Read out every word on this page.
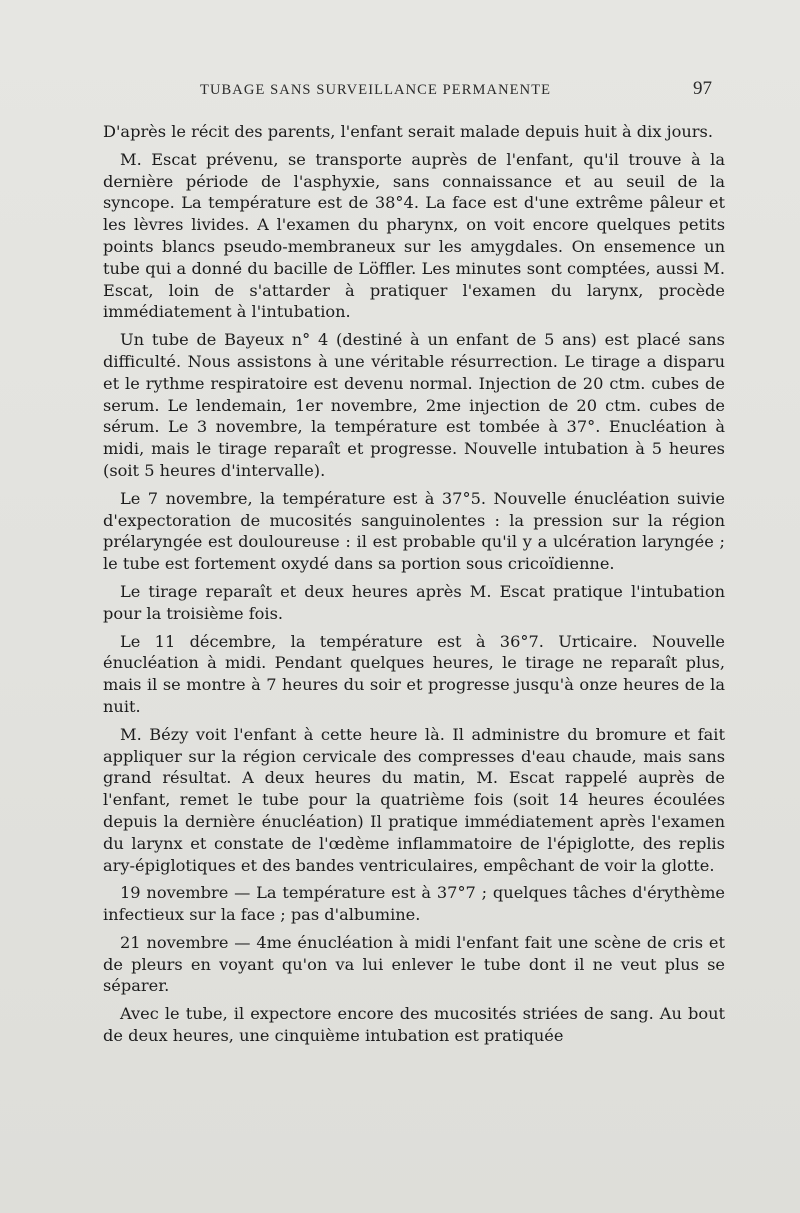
TUBAGE SANS SURVEILLANCE PERMANENTE	97

D'après le récit des parents, l'enfant serait malade depuis huit à dix jours.

M. Escat prévenu, se transporte auprès de l'enfant, qu'il trouve à la dernière période de l'asphyxie, sans connaissance et au seuil de la syncope. La température est de 38°4. La face est d'une extrême pâleur et les lèvres livides. A l'examen du pharynx, on voit encore quelques petits points blancs pseudo-membraneux sur les amygdales. On ensemence un tube qui a donné du bacille de Löffler. Les minutes sont comptées, aussi M. Escat, loin de s'attarder à pratiquer l'examen du larynx, procède immédiatement à l'intubation.

Un tube de Bayeux n° 4 (destiné à un enfant de 5 ans) est placé sans difficulté. Nous assistons à une véritable résurrection. Le tirage a disparu et le rythme respiratoire est devenu normal. Injection de 20 ctm. cubes de serum. Le lendemain, 1er novembre, 2me injection de 20 ctm. cubes de sérum. Le 3 novembre, la température est tombée à 37°. Enucléation à midi, mais le tirage reparaît et progresse. Nouvelle intubation à 5 heures (soit 5 heures d'intervalle).

Le 7 novembre, la température est à 37°5. Nouvelle énucléation suivie d'expectoration de mucosités sanguinolentes : la pression sur la région prélaryngée est douloureuse : il est probable qu'il y a ulcération laryngée ; le tube est fortement oxydé dans sa portion sous cricoïdienne.

Le tirage reparaît et deux heures après M. Escat pratique l'intubation pour la troisième fois.

Le 11 décembre, la température est à 36°7. Urticaire. Nouvelle énucléation à midi. Pendant quelques heures, le tirage ne reparaît plus, mais il se montre à 7 heures du soir et progresse jusqu'à onze heures de la nuit.

M. Bézy voit l'enfant à cette heure là. Il administre du bromure et fait appliquer sur la région cervicale des compresses d'eau chaude, mais sans grand résultat. A deux heures du matin, M. Escat rappelé auprès de l'enfant, remet le tube pour la quatrième fois (soit 14 heures écoulées depuis la dernière énucléation) Il pratique immédiatement après l'examen du larynx et constate de l'œdème inflammatoire de l'épiglotte, des replis ary-épiglotiques et des bandes ventriculaires, empêchant de voir la glotte.

19 novembre — La température est à 37°7 ; quelques tâches d'érythème infectieux sur la face ; pas d'albumine.

21 novembre — 4me énucléation à midi l'enfant fait une scène de cris et de pleurs en voyant qu'on va lui enlever le tube dont il ne veut plus se séparer.

Avec le tube, il expectore encore des mucosités striées de sang. Au bout de deux heures, une cinquième intubation est pratiquée
